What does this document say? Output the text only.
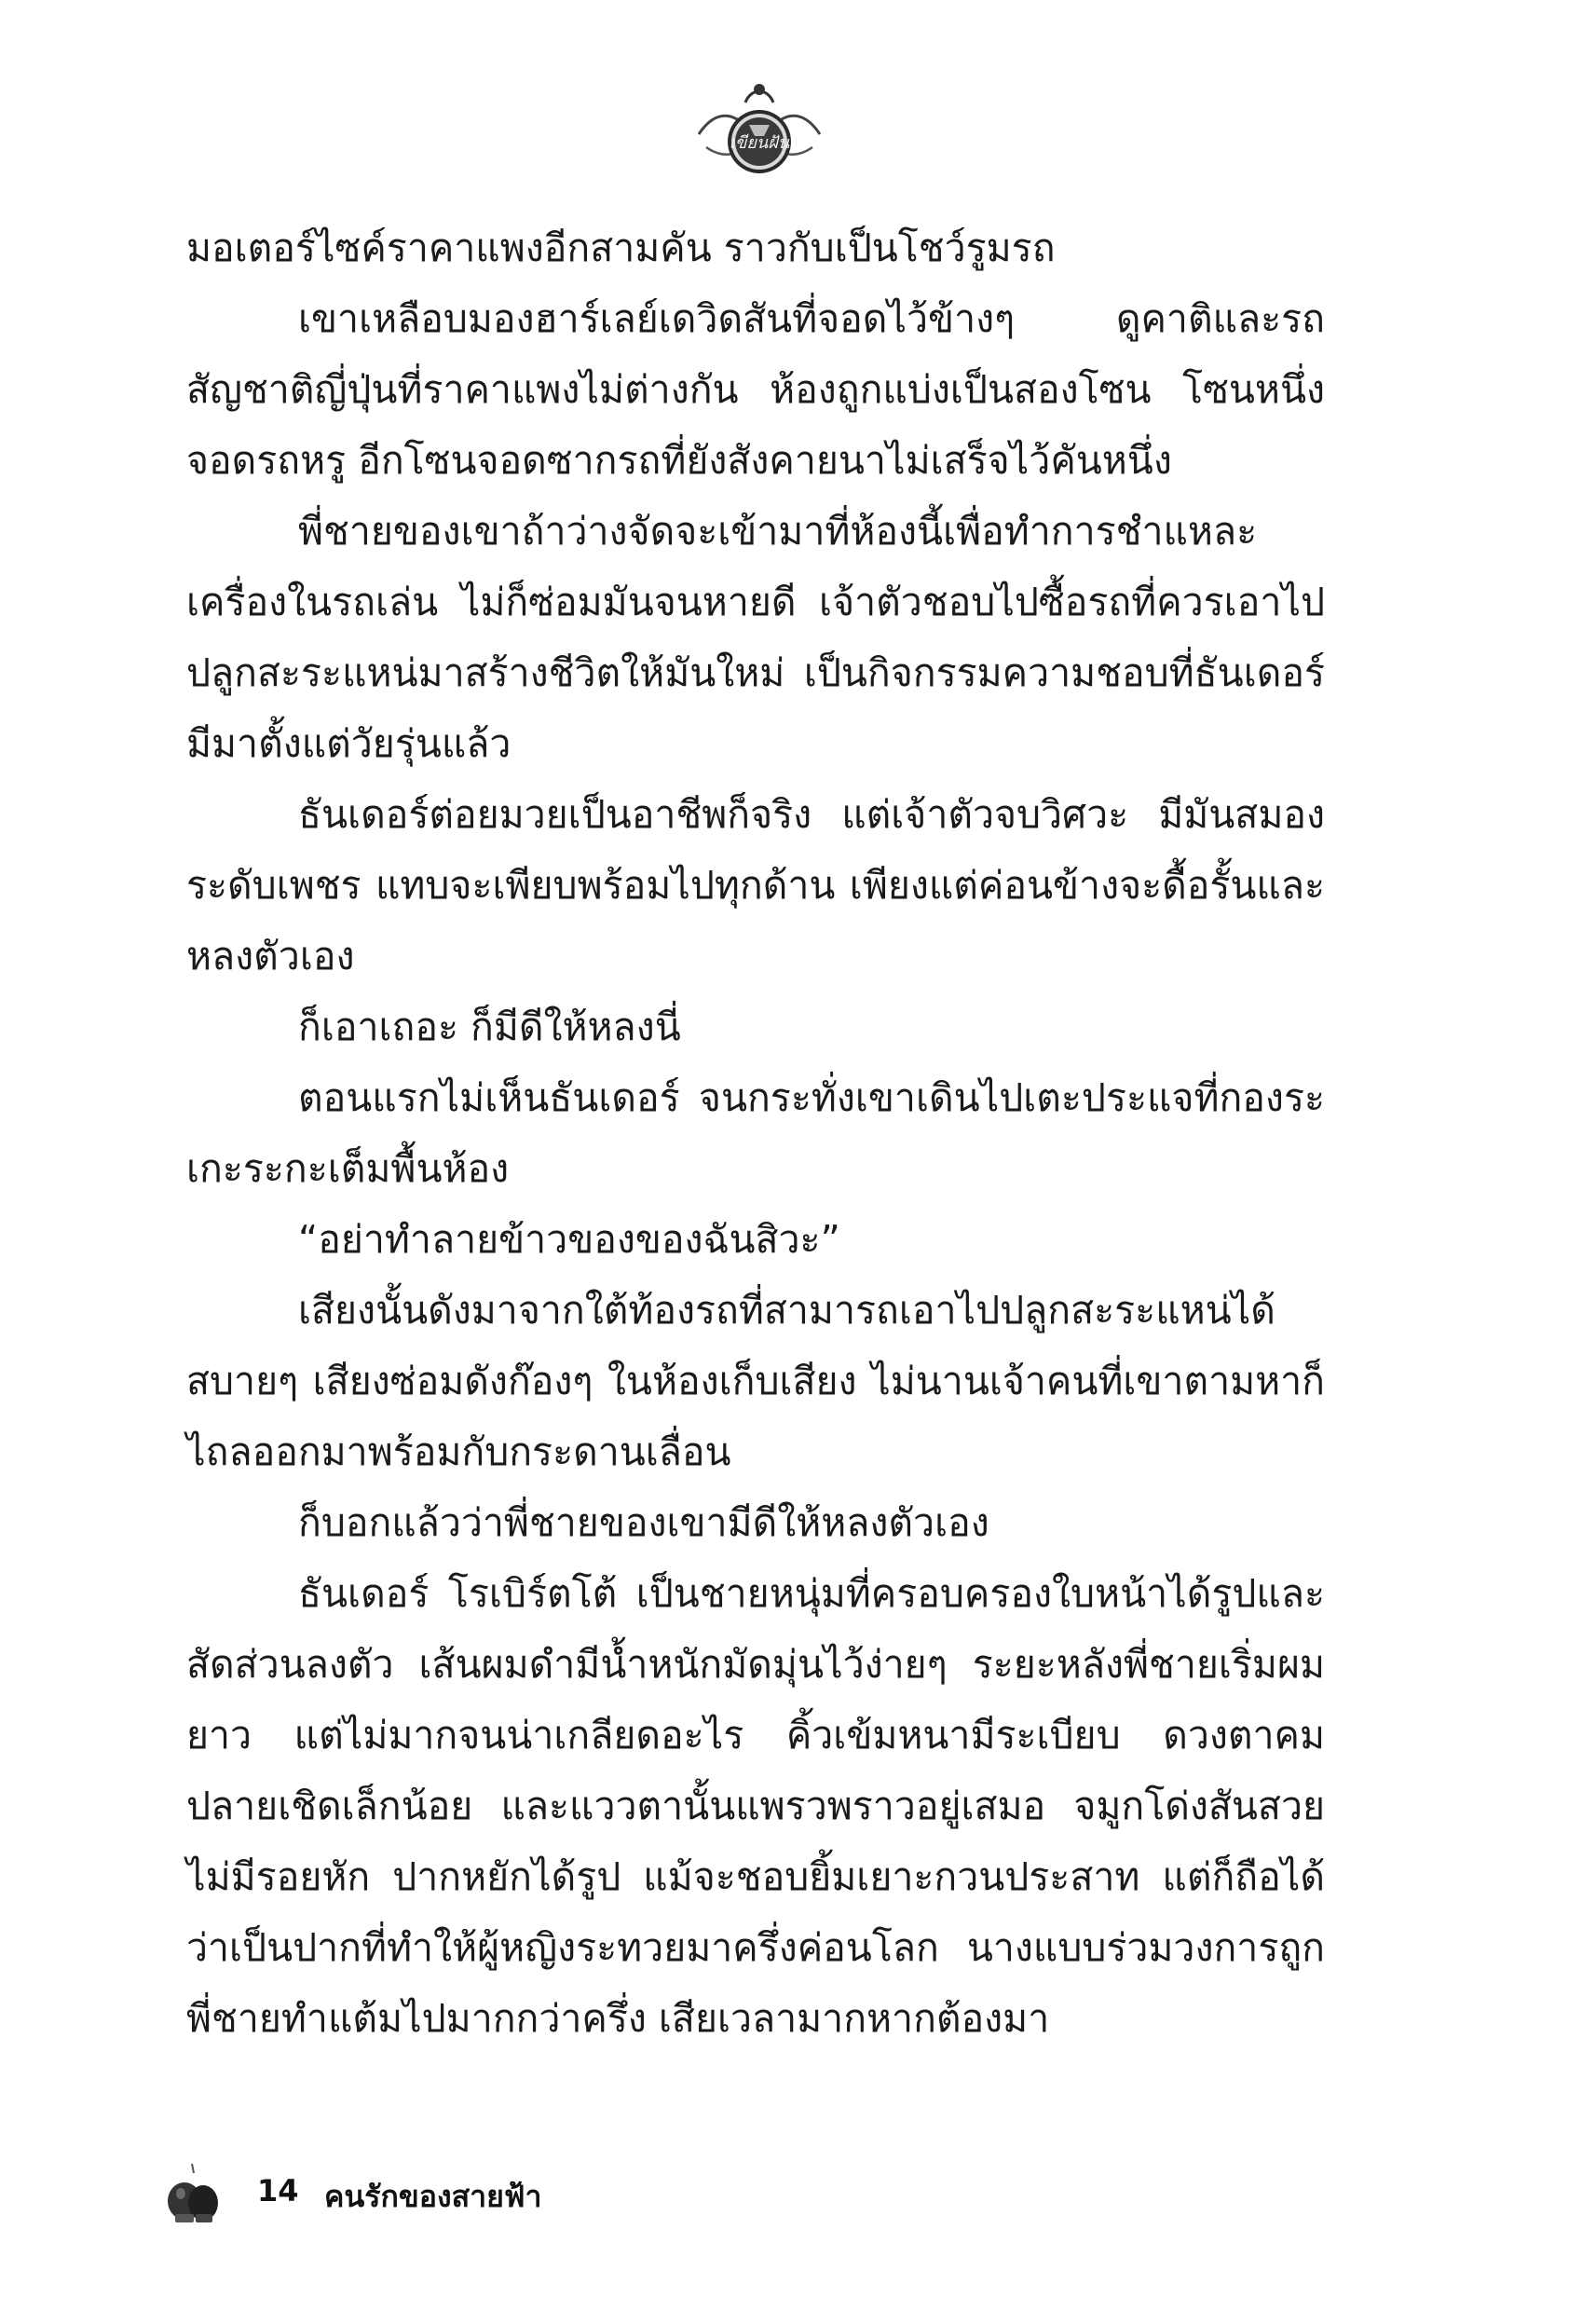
เขียนฝัน

มอเตอร์ไซค์ราคาแพงอีกสามคัน ราวกับเป็นโชว์รูมรถ

เขาเหลือบมองฮาร์เลย์เดวิดสันที่จอดไว้ข้างๆ ดูคาติและรถสัญชาติญี่ปุ่นที่ราคาแพงไม่ต่างกัน ห้องถูกแบ่งเป็นสองโซน โซนหนึ่งจอดรถหรู อีกโซนจอดซากรถที่ยังสังคายนาไม่เสร็จไว้คันหนึ่ง

พี่ชายของเขาถ้าว่างจัดจะเข้ามาที่ห้องนี้เพื่อทำการชำแหละเครื่องในรถเล่น ไม่ก็ซ่อมมันจนหายดี เจ้าตัวชอบไปซื้อรถที่ควรเอาไปปลูกสะระแหน่มาสร้างชีวิตให้มันใหม่ เป็นกิจกรรมความชอบที่ธันเดอร์มีมาตั้งแต่วัยรุ่นแล้ว

ธันเดอร์ต่อยมวยเป็นอาชีพก็จริง แต่เจ้าตัวจบวิศวะ มีมันสมองระดับเพชร แทบจะเพียบพร้อมไปทุกด้าน เพียงแต่ค่อนข้างจะดื้อรั้นและหลงตัวเอง

ก็เอาเถอะ ก็มีดีให้หลงนี่

ตอนแรกไม่เห็นธันเดอร์ จนกระทั่งเขาเดินไปเตะประแจที่กองระเกะระกะเต็มพื้นห้อง

“อย่าทำลายข้าวของของฉันสิวะ”

เสียงนั้นดังมาจากใต้ท้องรถที่สามารถเอาไปปลูกสะระแหน่ได้สบายๆ เสียงซ่อมดังก๊องๆ ในห้องเก็บเสียง ไม่นานเจ้าคนที่เขาตามหาก็ไถลออกมาพร้อมกับกระดานเลื่อน

ก็บอกแล้วว่าพี่ชายของเขามีดีให้หลงตัวเอง

ธันเดอร์ โรเบิร์ตโต้ เป็นชายหนุ่มที่ครอบครองใบหน้าได้รูปและสัดส่วนลงตัว เส้นผมดำมีน้ำหนักมัดมุ่นไว้ง่ายๆ ระยะหลังพี่ชายเริ่มผมยาว แต่ไม่มากจนน่าเกลียดอะไร คิ้วเข้มหนามีระเบียบ ดวงตาคมปลายเชิดเล็กน้อย และแววตานั้นแพรวพราวอยู่เสมอ จมูกโด่งสันสวยไม่มีรอยหัก ปากหยักได้รูป แม้จะชอบยิ้มเยาะกวนประสาท แต่ก็ถือได้ว่าเป็นปากที่ทำให้ผู้หญิงระทวยมาครึ่งค่อนโลก นางแบบร่วมวงการถูกพี่ชายทำแต้มไปมากกว่าครึ่ง เสียเวลามากหากต้องมา

14 คนรักของสายฟ้า
